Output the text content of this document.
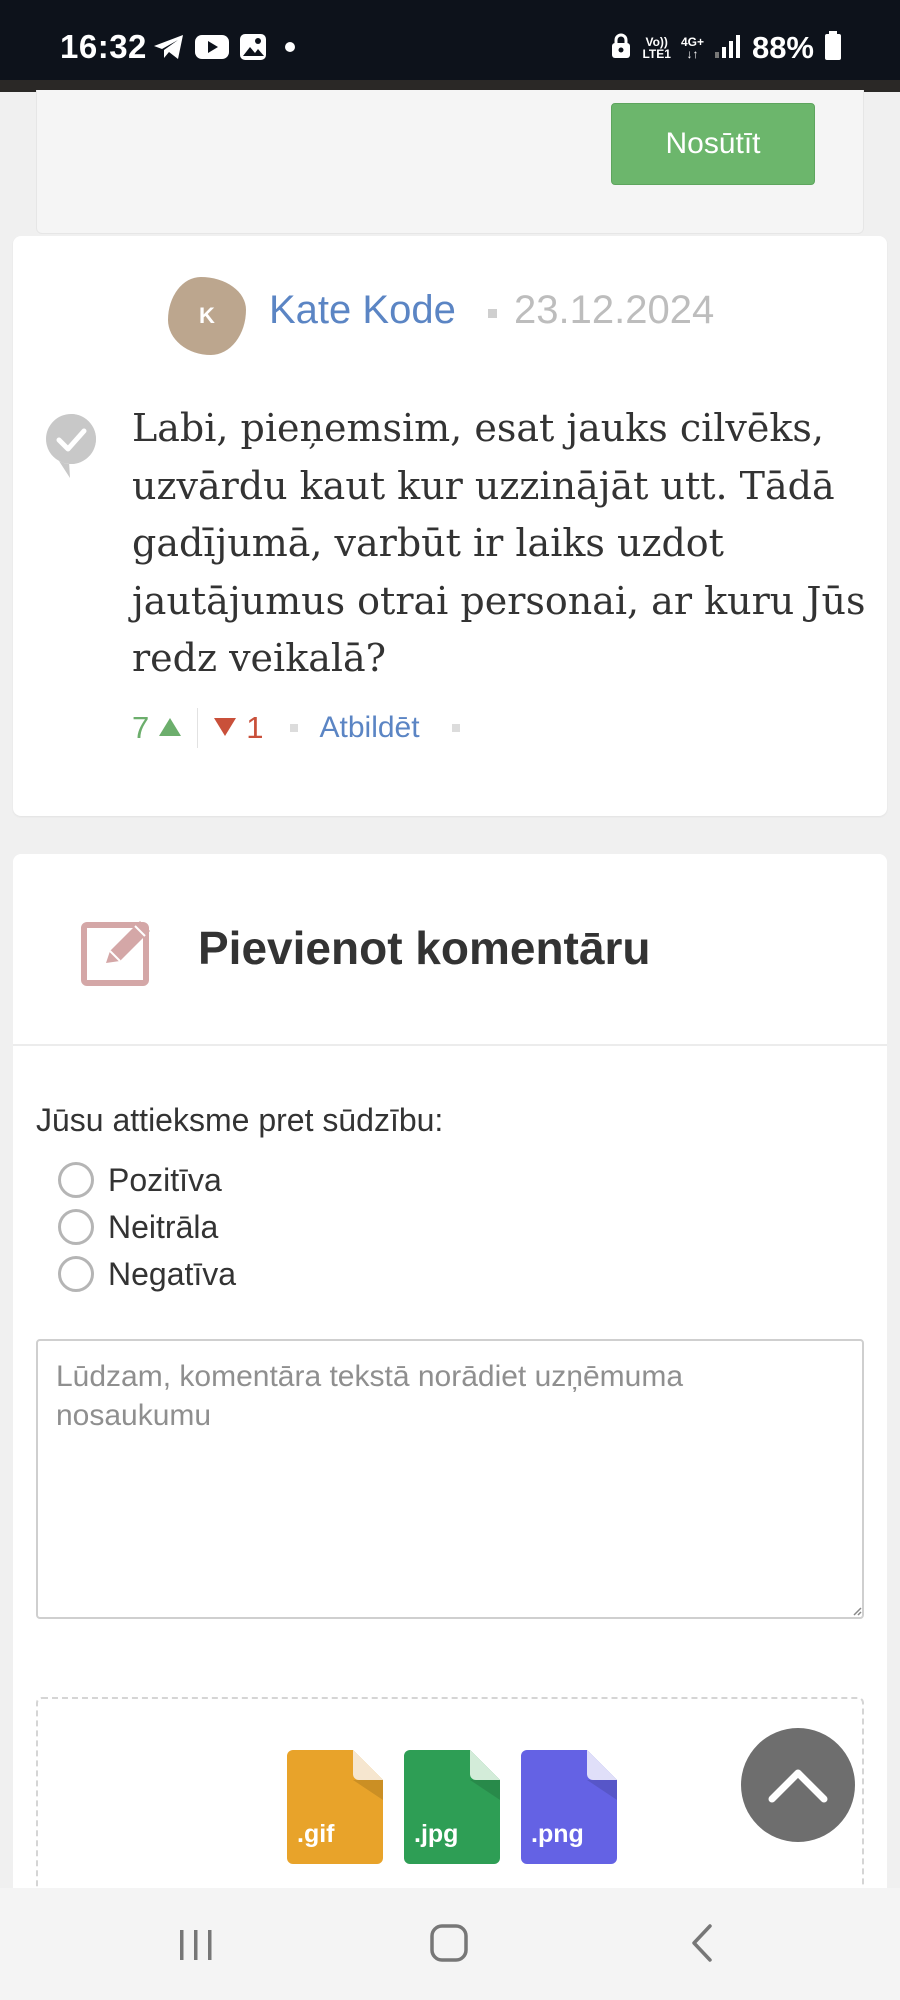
16:32	Vo))
LTE1
4G+
↓↑ 88%
Nosūtīt
K	Kate Kode 23.12.2024
Labi, pieņemsim, esat jauks cilvēks, uzvārdu kaut kur uzzinājāt utt. Tādā gadījumā, varbūt ir laiks uzdot jautājumus otrai personai, ar kuru Jūs redz veikalā?
7	1 Atbildēt
Pievienot komentāru
Jūsu attieksme pret sūdzību:
Pozitīva
Neitrāla
Negatīva
Lūdzam, komentāra tekstā norādiet uzņēmuma nosaukumu
.gif	.jpg	.png
